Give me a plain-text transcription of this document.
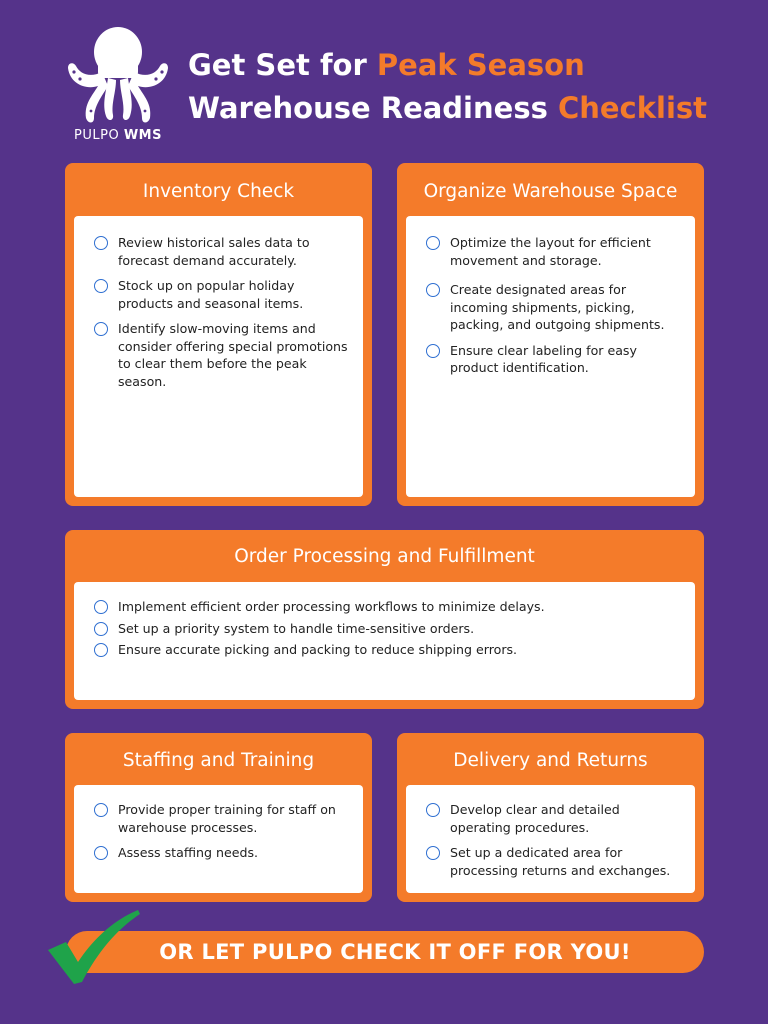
PULPO WMS
Get Set for Peak Season
Warehouse Readiness Checklist
Inventory Check
Review historical sales data to forecast demand accurately.
Stock up on popular holiday products and seasonal items.
Identify slow-moving items and consider offering special promotions to clear them before the peak season.
Organize Warehouse Space
Optimize the layout for efficient movement and storage.
Create designated areas for incoming shipments, picking, packing, and outgoing shipments.
Ensure clear labeling for easy product identification.
Order Processing and Fulfillment
Implement efficient order processing workflows to minimize delays.
Set up a priority system to handle time-sensitive orders.
Ensure accurate picking and packing to reduce shipping errors.
Staffing and Training
Provide proper training for staff on warehouse processes.
Assess staffing needs.
Delivery and Returns
Develop clear and detailed operating procedures.
Set up a dedicated area for processing returns and exchanges.
OR LET PULPO CHECK IT OFF FOR YOU!
